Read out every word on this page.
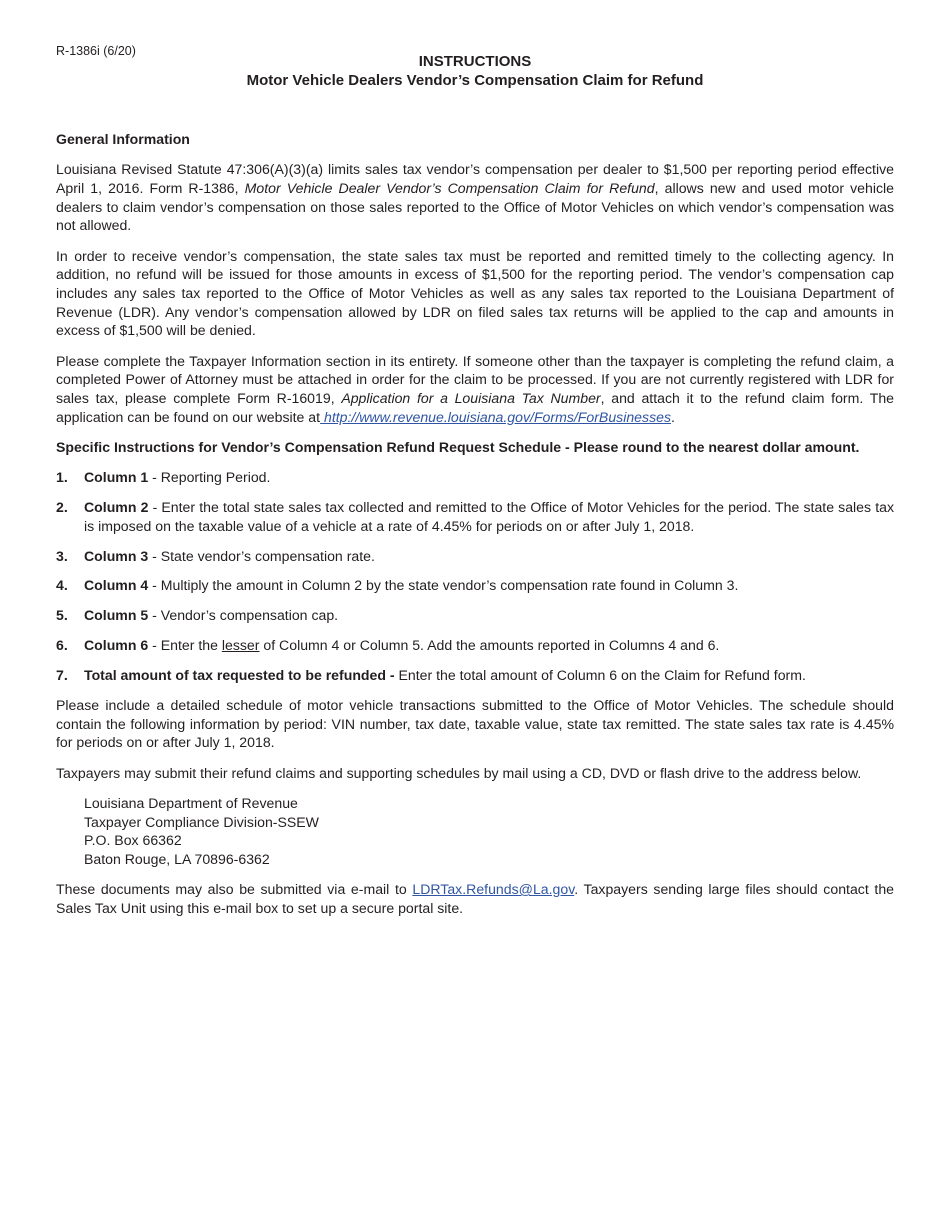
R-1386i (6/20)
INSTRUCTIONS
Motor Vehicle Dealers Vendor’s Compensation Claim for Refund

General Information

Louisiana Revised Statute 47:306(A)(3)(a) limits sales tax vendor’s compensation per dealer to $1,500 per reporting period effective April 1, 2016. Form R-1386, Motor Vehicle Dealer Vendor’s Compensation Claim for Refund, allows new and used motor vehicle dealers to claim vendor’s compensation on those sales reported to the Office of Motor Vehicles on which vendor’s compensation was not allowed.

In order to receive vendor’s compensation, the state sales tax must be reported and remitted timely to the collecting agency. In addition, no refund will be issued for those amounts in excess of $1,500 for the reporting period. The vendor’s compensation cap includes any sales tax reported to the Office of Motor Vehicles as well as any sales tax reported to the Louisiana Department of Revenue (LDR). Any vendor’s compensation allowed by LDR on filed sales tax returns will be applied to the cap and amounts in excess of $1,500 will be denied.

Please complete the Taxpayer Information section in its entirety. If someone other than the taxpayer is completing the refund claim, a completed Power of Attorney must be attached in order for the claim to be processed. If you are not currently registered with LDR for sales tax, please complete Form R-16019, Application for a Louisiana Tax Number, and attach it to the refund claim form. The application can be found on our website at http://www.revenue.louisiana.gov/Forms/ForBusinesses.

Specific Instructions for Vendor’s Compensation Refund Request Schedule - Please round to the nearest dollar amount.

1.	Column 1 - Reporting Period.
2.	Column 2 - Enter the total state sales tax collected and remitted to the Office of Motor Vehicles for the period. The state sales tax is imposed on the taxable value of a vehicle at a rate of 4.45% for periods on or after July 1, 2018.
3.	Column 3 - State vendor’s compensation rate.
4.	Column 4 - Multiply the amount in Column 2 by the state vendor’s compensation rate found in Column 3.
5.	Column 5 - Vendor’s compensation cap.
6.	Column 6 - Enter the lesser of Column 4 or Column 5. Add the amounts reported in Columns 4 and 6.
7.	Total amount of tax requested to be refunded - Enter the total amount of Column 6 on the Claim for Refund form.

Please include a detailed schedule of motor vehicle transactions submitted to the Office of Motor Vehicles. The schedule should contain the following information by period: VIN number, tax date, taxable value, state tax remitted. The state sales tax rate is 4.45% for periods on or after July 1, 2018.

Taxpayers may submit their refund claims and supporting schedules by mail using a CD, DVD or flash drive to the address below.

Louisiana Department of Revenue
Taxpayer Compliance Division-SSEW
P.O. Box 66362
Baton Rouge, LA 70896-6362

These documents may also be submitted via e-mail to LDRTax.Refunds@La.gov. Taxpayers sending large files should contact the Sales Tax Unit using this e-mail box to set up a secure portal site.
